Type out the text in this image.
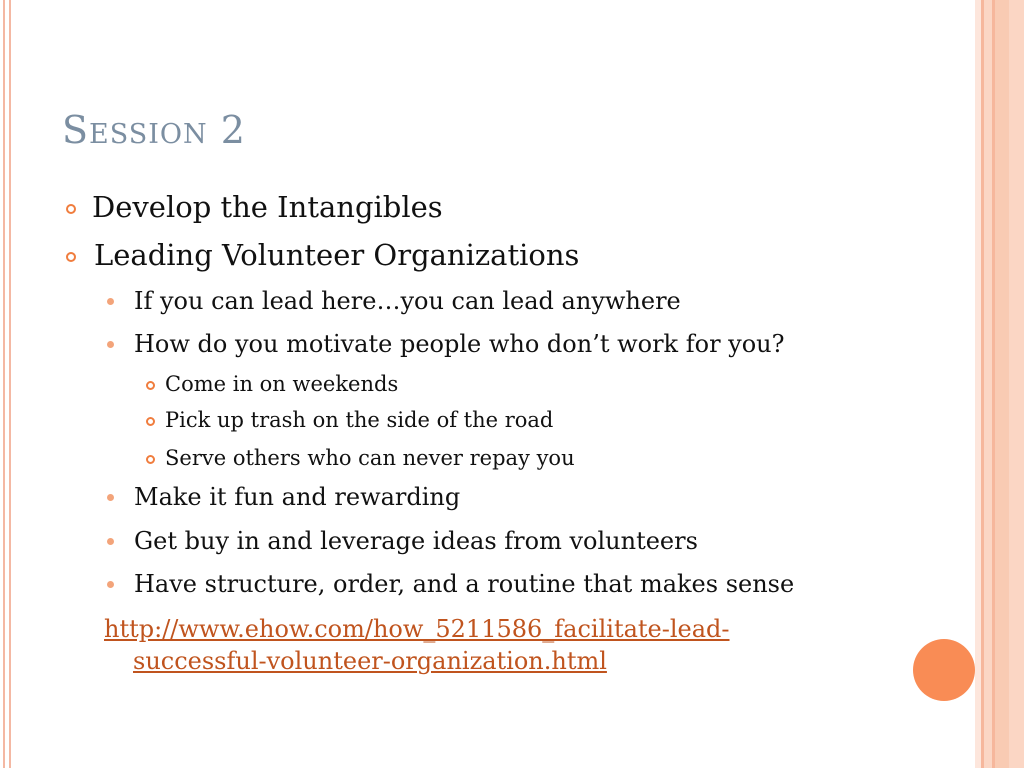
Session 2
Develop the Intangibles
Leading Volunteer Organizations
If you can lead here…you can lead anywhere
How do you motivate people who don’t work for you?
Come in on weekends
Pick up trash on the side of the road
Serve others who can never repay you
Make it fun and rewarding
Get buy in and leverage ideas from volunteers
Have structure, order, and a routine that makes sense
http://www.ehow.com/how_5211586_facilitate-lead-

successful-volunteer-organization.html
